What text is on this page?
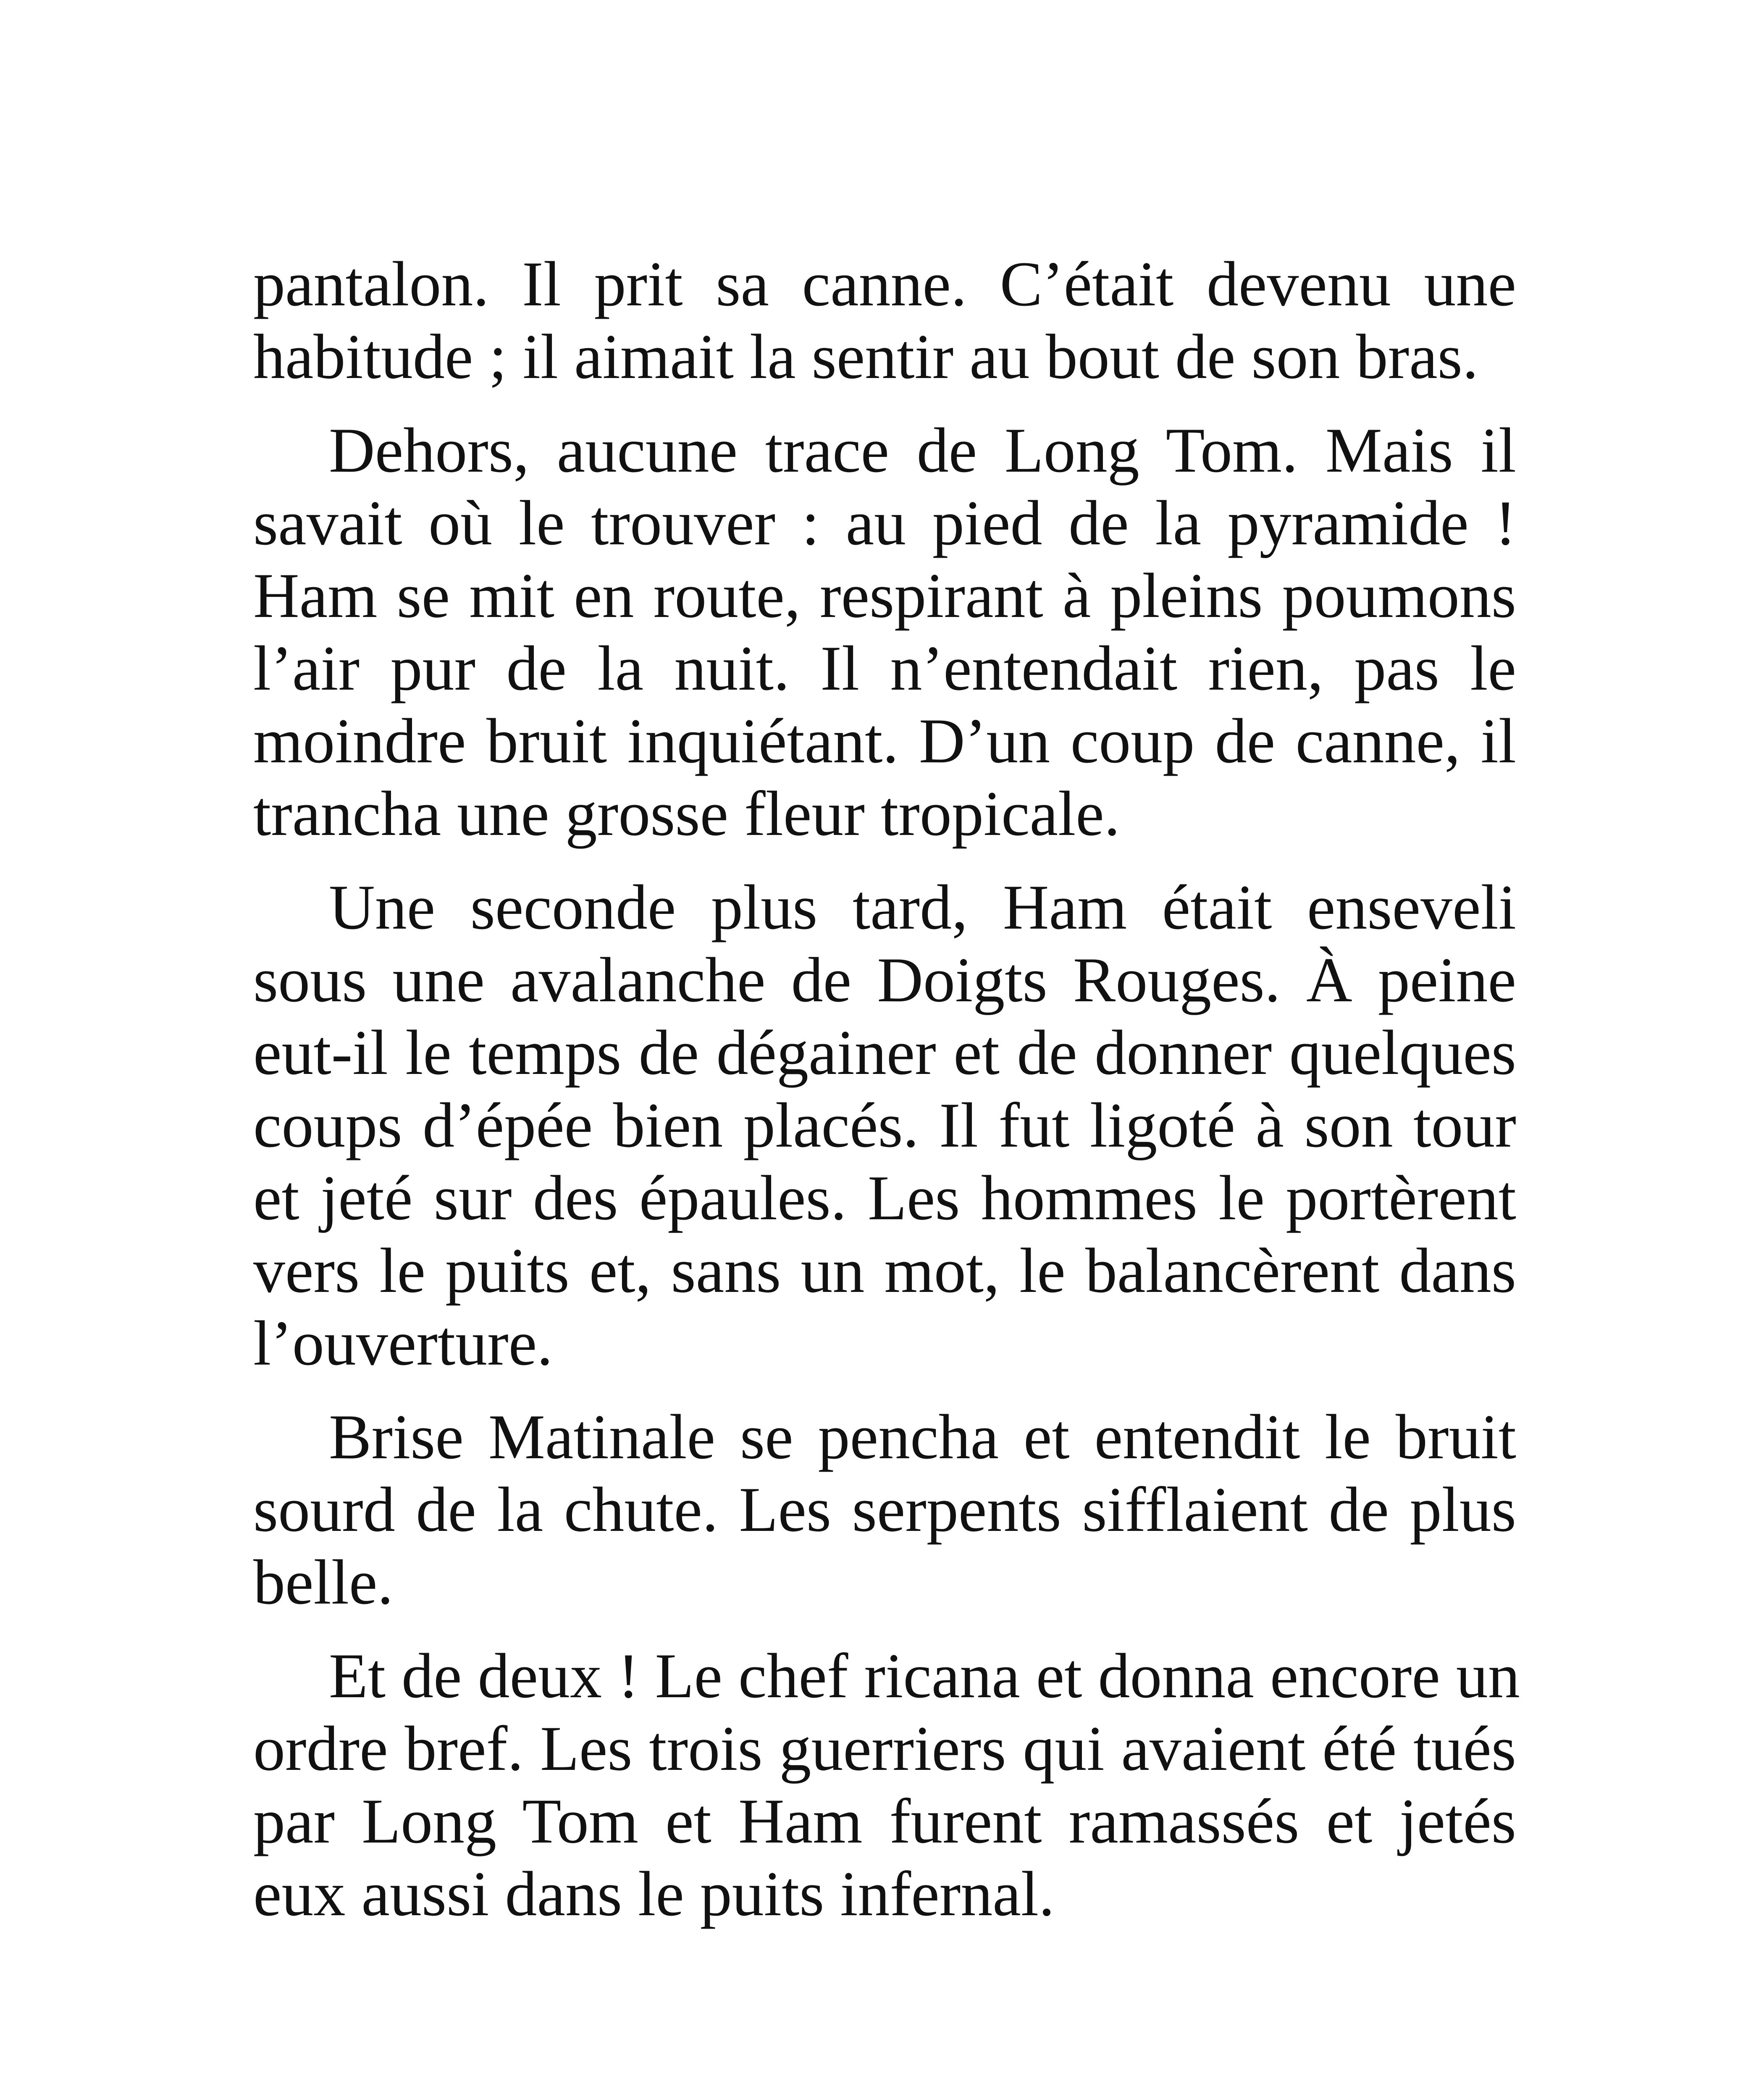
pantalon. Il prit sa canne. C’était devenu une
habitude ; il aimait la sentir au bout de son bras.

Dehors, aucune trace de Long Tom. Mais il
savait où le trouver : au pied de la pyramide !
Ham se mit en route, respirant à pleins poumons
l’air pur de la nuit. Il n’entendait rien, pas le
moindre bruit inquiétant. D’un coup de canne, il
trancha une grosse fleur tropicale.

Une seconde plus tard, Ham était enseveli
sous une avalanche de Doigts Rouges. À peine
eut-il le temps de dégainer et de donner quelques
coups d’épée bien placés. Il fut ligoté à son tour
et jeté sur des épaules. Les hommes le portèrent
vers le puits et, sans un mot, le balancèrent dans
l’ouverture.

Brise Matinale se pencha et entendit le bruit
sourd de la chute. Les serpents sifflaient de plus
belle.

Et de deux ! Le chef ricana et donna encore un
ordre bref. Les trois guerriers qui avaient été tués
par Long Tom et Ham furent ramassés et jetés
eux aussi dans le puits infernal.
